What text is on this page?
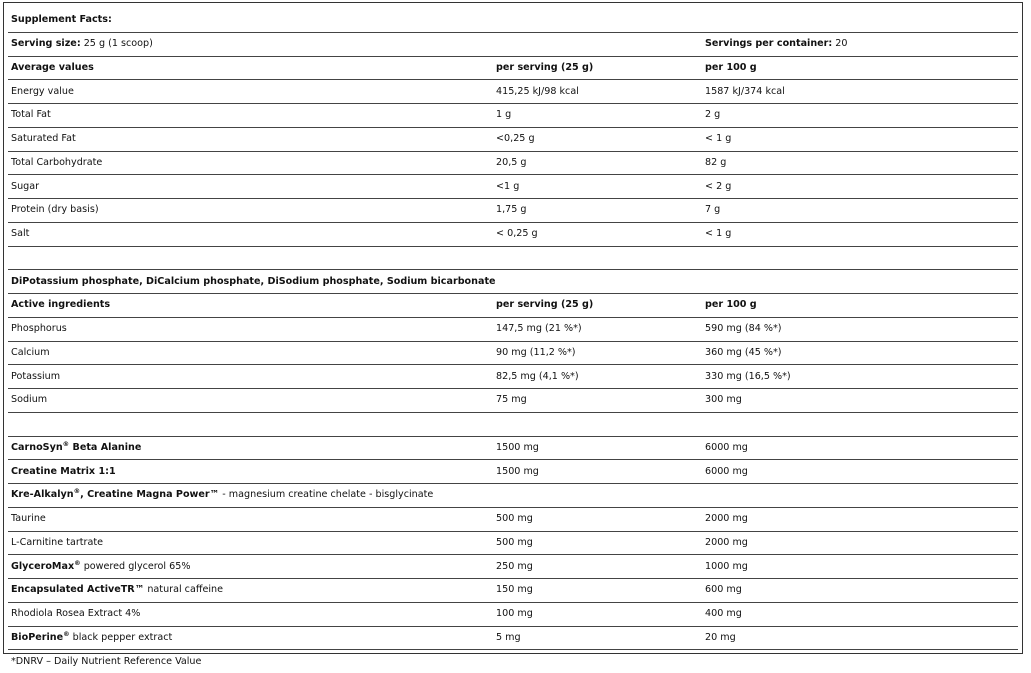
Supplement Facts:		
Serving size: 25 g (1 scoop)		Servings per container: 20
Average values	per serving (25 g)	per 100 g
Energy value	415,25 kJ/98 kcal	1587 kJ/374 kcal
Total Fat	1 g	2 g
Saturated Fat	<0,25 g	< 1 g
Total Carbohydrate	20,5 g	82 g
Sugar	<1 g	< 2 g
Protein (dry basis)	1,75 g	7 g
Salt	< 0,25 g	< 1 g

DiPotassium phosphate, DiCalcium phosphate, DiSodium phosphate, Sodium bicarbonate		
Active ingredients	per serving (25 g)	per 100 g
Phosphorus	147,5 mg (21 %*)	590 mg (84 %*)
Calcium	90 mg (11,2 %*)	360 mg (45 %*)
Potassium	82,5 mg (4,1 %*)	330 mg (16,5 %*)
Sodium	75 mg	300 mg

CarnoSyn® Beta Alanine	1500 mg	6000 mg
Creatine Matrix 1:1	1500 mg	6000 mg
Kre-Alkalyn®, Creatine Magna Power™ - magnesium creatine chelate - bisglycinate		
Taurine	500 mg	2000 mg
L-Carnitine tartrate	500 mg	2000 mg
GlyceroMax® powered glycerol 65%	250 mg	1000 mg
Encapsulated ActiveTR™ natural caffeine	150 mg	600 mg
Rhodiola Rosea Extract 4%	100 mg	400 mg
BioPerine® black pepper extract	5 mg	20 mg
*DNRV – Daily Nutrient Reference Value		
